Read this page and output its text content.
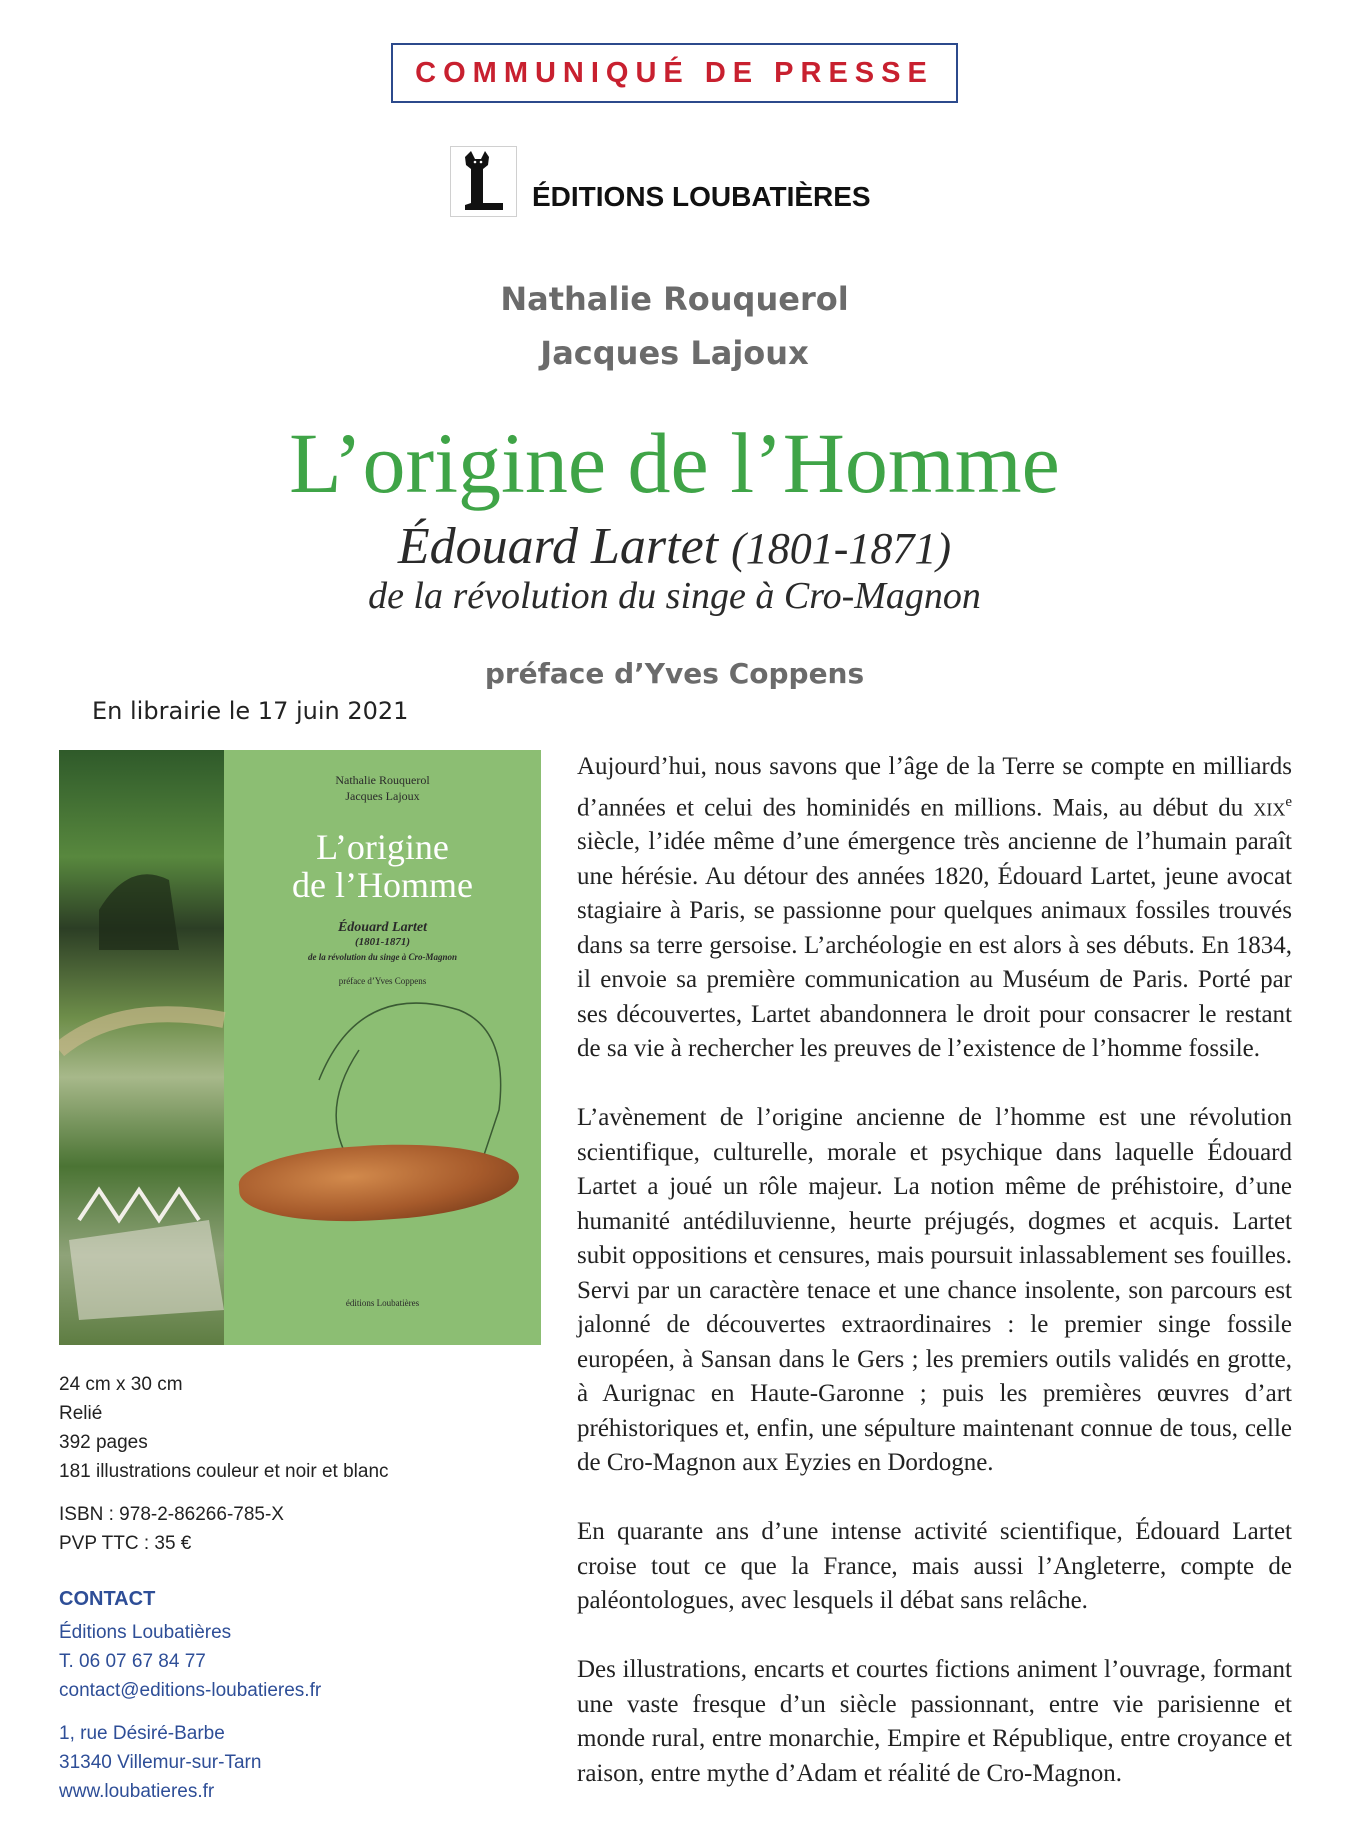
COMMUNIQUÉ DE PRESSE
ÉDITIONS LOUBATIÈRES
Nathalie Rouquerol
Jacques Lajoux
L’origine de l’Homme
Édouard Lartet (1801-1871)
de la révolution du singe à Cro-Magnon
préface d’Yves Coppens
En librairie le 17 juin 2021
Nathalie Rouquerol
Jacques Lajoux
L’origine
de l’Homme
Édouard Lartet
(1801-1871)
de la révolution du singe à Cro-Magnon
préface d’Yves Coppens
éditions Loubatières
24 cm x 30 cm
Relié
392 pages
181 illustrations couleur et noir et blanc
ISBN : 978-2-86266-785-X
PVP TTC : 35 €
CONTACT
Éditions Loubatières
T. 06 07 67 84 77
contact@editions-loubatieres.fr
1, rue Désiré-Barbe
31340 Villemur-sur-Tarn
www.loubatieres.fr

Aujourd’hui, nous savons que l’âge de la Terre se compte en milliards d’années et celui des hominidés en millions. Mais, au début du xix$^e$ siècle, l’idée même d’une émergence très ancienne de l’humain paraît une hérésie. Au détour des années 1820, Édouard Lartet, jeune avocat stagiaire à Paris, se passionne pour quelques animaux fossiles trouvés dans sa terre gersoise. L’archéologie en est alors à ses débuts. En 1834, il envoie sa première communication au Muséum de Paris. Porté par ses découvertes, Lartet abandonnera le droit pour consacrer le restant de sa vie à rechercher les preuves de l’existence de l’homme fossile.

L’avènement de l’origine ancienne de l’homme est une révolution scientifique, culturelle, morale et psychique dans laquelle Édouard Lartet a joué un rôle majeur. La notion même de préhistoire, d’une humanité antédiluvienne, heurte préjugés, dogmes et acquis. Lartet subit oppositions et censures, mais poursuit inlassablement ses fouilles. Servi par un caractère tenace et une chance insolente, son parcours est jalonné de découvertes extraordinaires : le premier singe fossile européen, à Sansan dans le Gers ; les premiers outils validés en grotte, à Aurignac en Haute-Garonne ; puis les premières œuvres d’art préhistoriques et, enfin, une sépulture maintenant connue de tous, celle de Cro-Magnon aux Eyzies en Dordogne.

En quarante ans d’une intense activité scientifique, Édouard Lartet croise tout ce que la France, mais aussi l’Angleterre, compte de paléontologues, avec lesquels il débat sans relâche.

Des illustrations, encarts et courtes fictions animent l’ouvrage, formant une vaste fresque d’un siècle passionnant, entre vie parisienne et monde rural, entre monarchie, Empire et République, entre croyance et raison, entre mythe d’Adam et réalité de Cro-Magnon.
